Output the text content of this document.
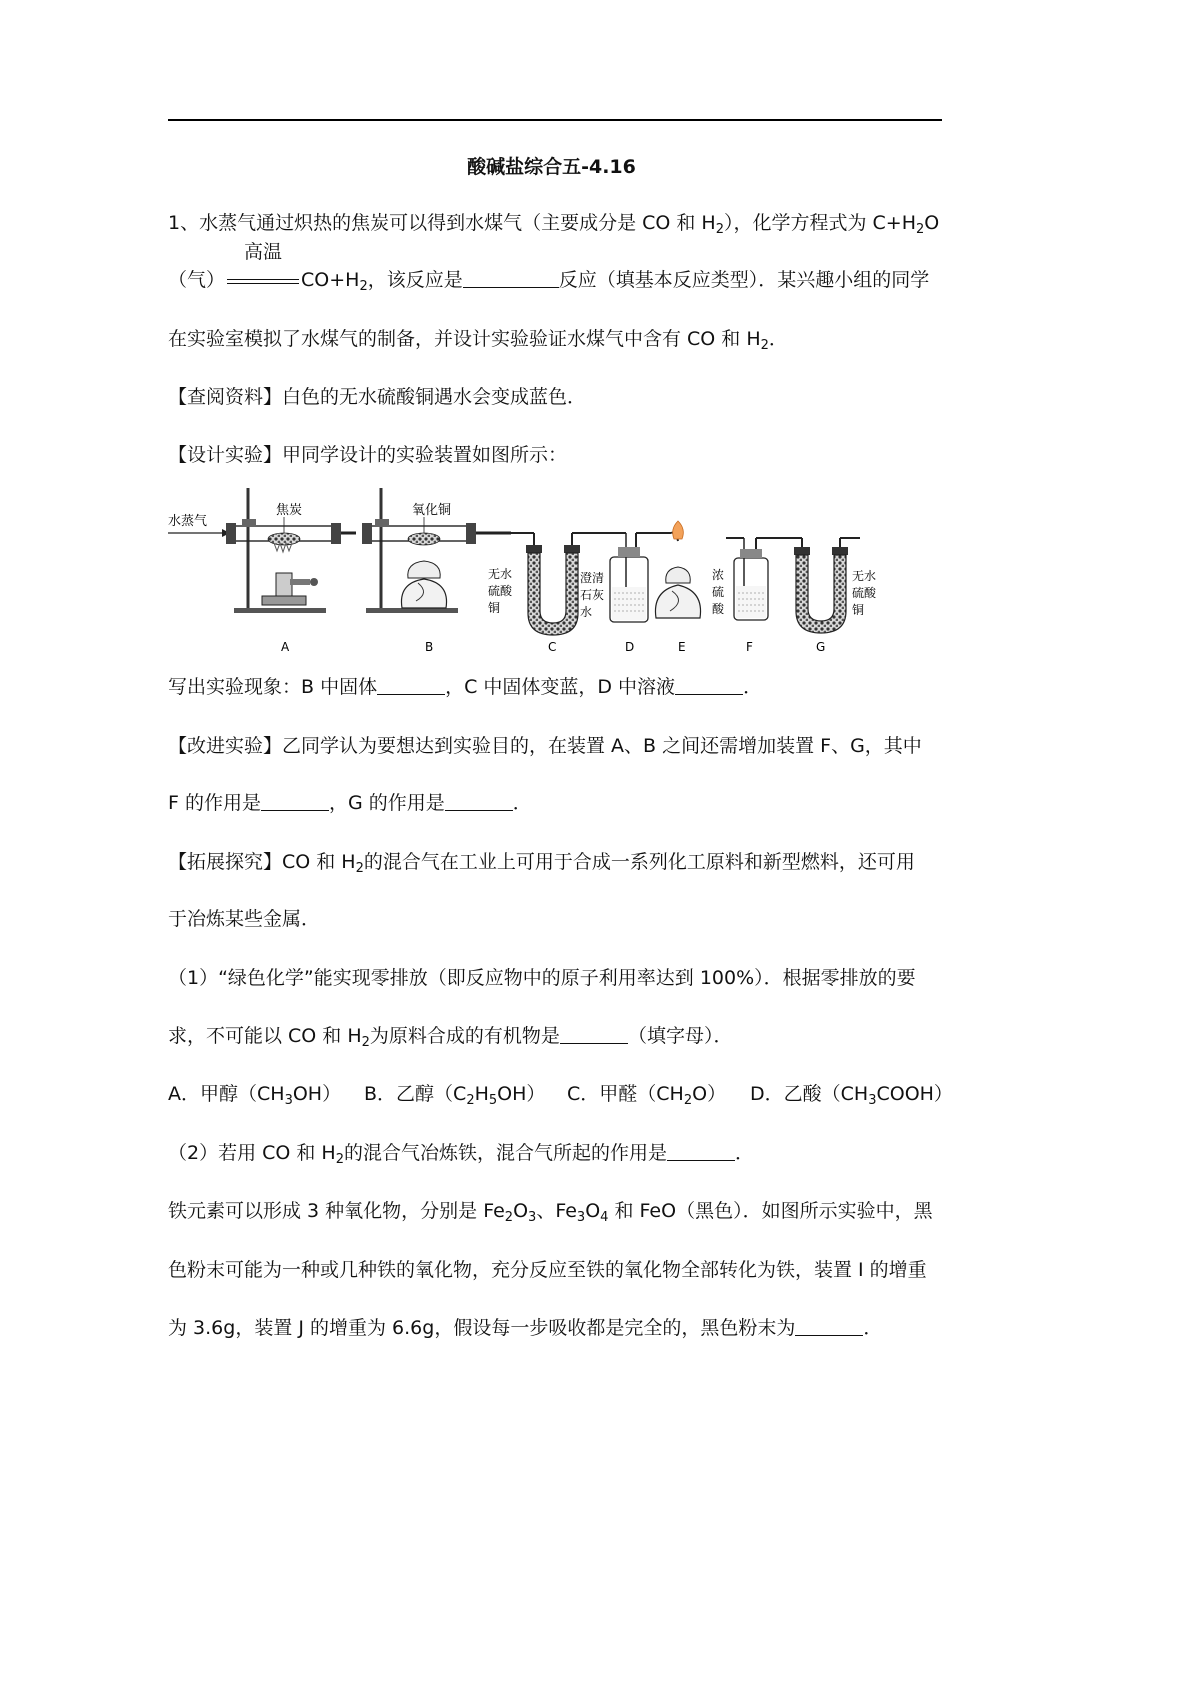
酸碱盐综合五-4.16
1、水蒸气通过炽热的焦炭可以得到水煤气（主要成分是 CO 和 $H_2$），化学方程式为 $C+H_2O$
（气）
高温
$CO+H_2$，该反应是	反应（填基本反应类型）．某兴趣小组的同学
在实验室模拟了水煤气的制备，并设计实验验证水煤气中含有 CO 和 $H_2$．
【查阅资料】白色的无水硫酸铜遇水会变成蓝色．
【设计实验】甲同学设计的实验装置如图所示：
水蒸气
焦炭
A
氧化铜
B
无水
硫酸
铜
C
澄清
石灰
水
D	E
浓
硫
酸
F
无水
硫酸
铜
G
写出实验现象：B 中固体	，C 中固体变蓝，D 中溶液	．
【改进实验】乙同学认为要想达到实验目的，在装置 A、B 之间还需增加装置 F、G，其中
F 的作用是	，G 的作用是	．
【拓展探究】CO 和 $H_2$的混合气在工业上可用于合成一系列化工原料和新型燃料，还可用
于冶炼某些金属．
（1）“绿色化学”能实现零排放（即反应物中的原子利用率达到 100%）．根据零排放的要
求，不可能以 CO 和 $H_2$为原料合成的有机物是	（填字母）．
A．甲醇$(CH_3OH)$ B．乙醇$(C_2H_5OH)$ C．甲醛$(CH_2O)$ D．乙酸$(CH_3COOH)$
（2）若用 CO 和 $H_2$的混合气冶炼铁，混合气所起的作用是	．
铁元素可以形成 3 种氧化物，分别是 $Fe_2O_3$、$Fe_3O_4$ 和 FeO（黑色）．如图所示实验中，黑
色粉末可能为一种或几种铁的氧化物，充分反应至铁的氧化物全部转化为铁，装置 I 的增重
为 3.6g，装置 J 的增重为 6.6g，假设每一步吸收都是完全的，黑色粉末为	．
